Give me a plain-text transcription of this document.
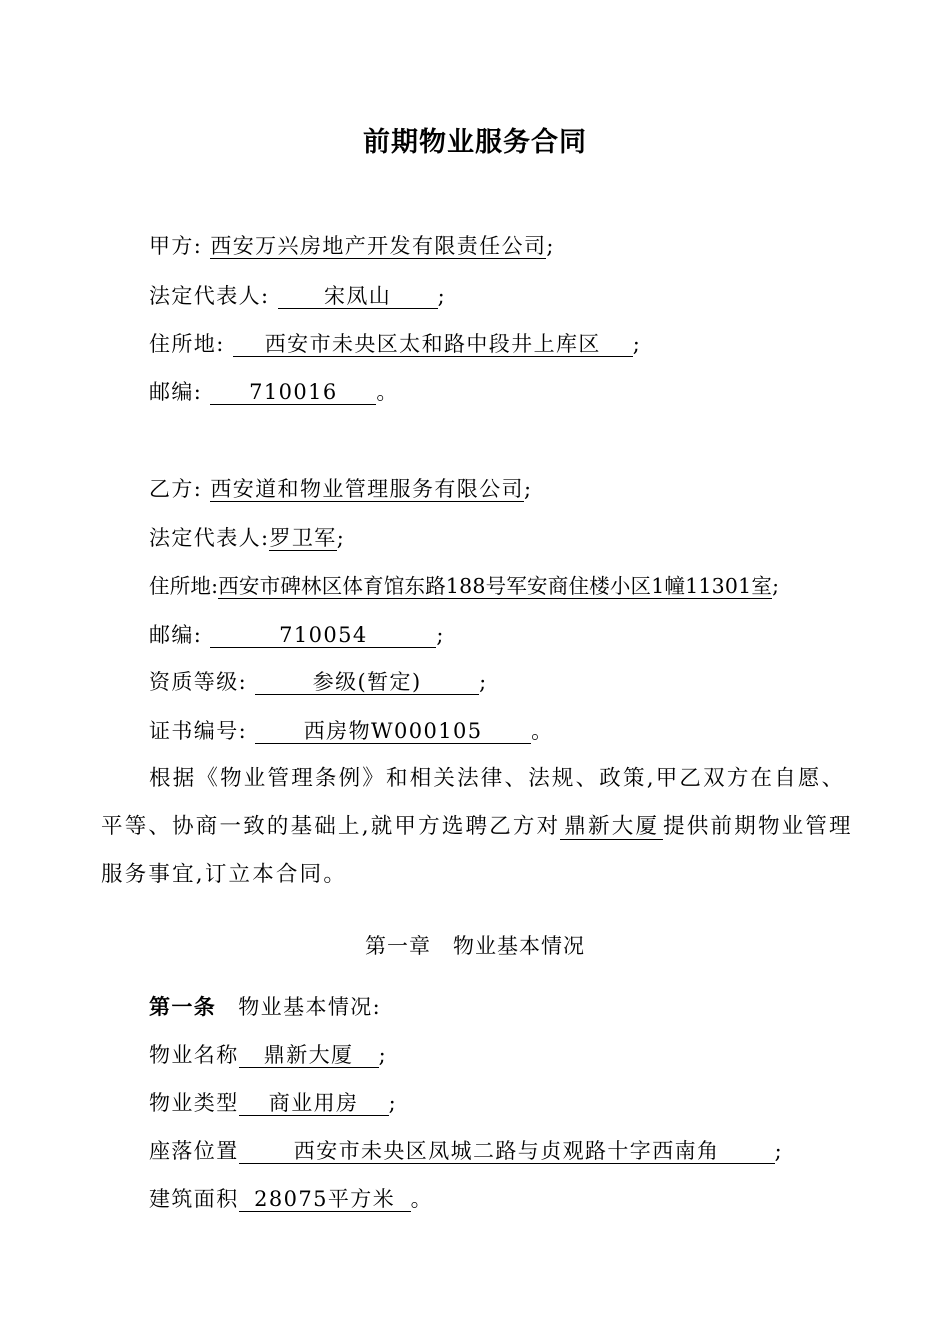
前期物业服务合同
甲方: 西安万兴房地产开发有限责任公司;
法定代表人:	宋凤山 ;
住所地: 西安市未央区太和路中段井上库区 ;
邮编: 710016 。
乙方: 西安道和物业管理服务有限公司;
法定代表人:罗卫军;
住所地:西安市碑林区体育馆东路188号军安商住楼小区1幢11301室;
邮编:	710054	;
资质等级:	参级(暂定)	;
证书编号:	西房物W000105 。
根据《物业管理条例》和相关法律、法规、政策,甲乙双方在自愿、平等、协商一致的基础上,就甲方选聘乙方对 鼎新大厦 提供前期物业管理服务事宜,订立本合同。
第一章　物业基本情况
第一条 物业基本情况:
物业名称 鼎新大厦 ;
物业类型 商业用房 ;
座落位置	西安市未央区凤城二路与贞观路十字西南角	;
建筑面积 28075平方米 。
